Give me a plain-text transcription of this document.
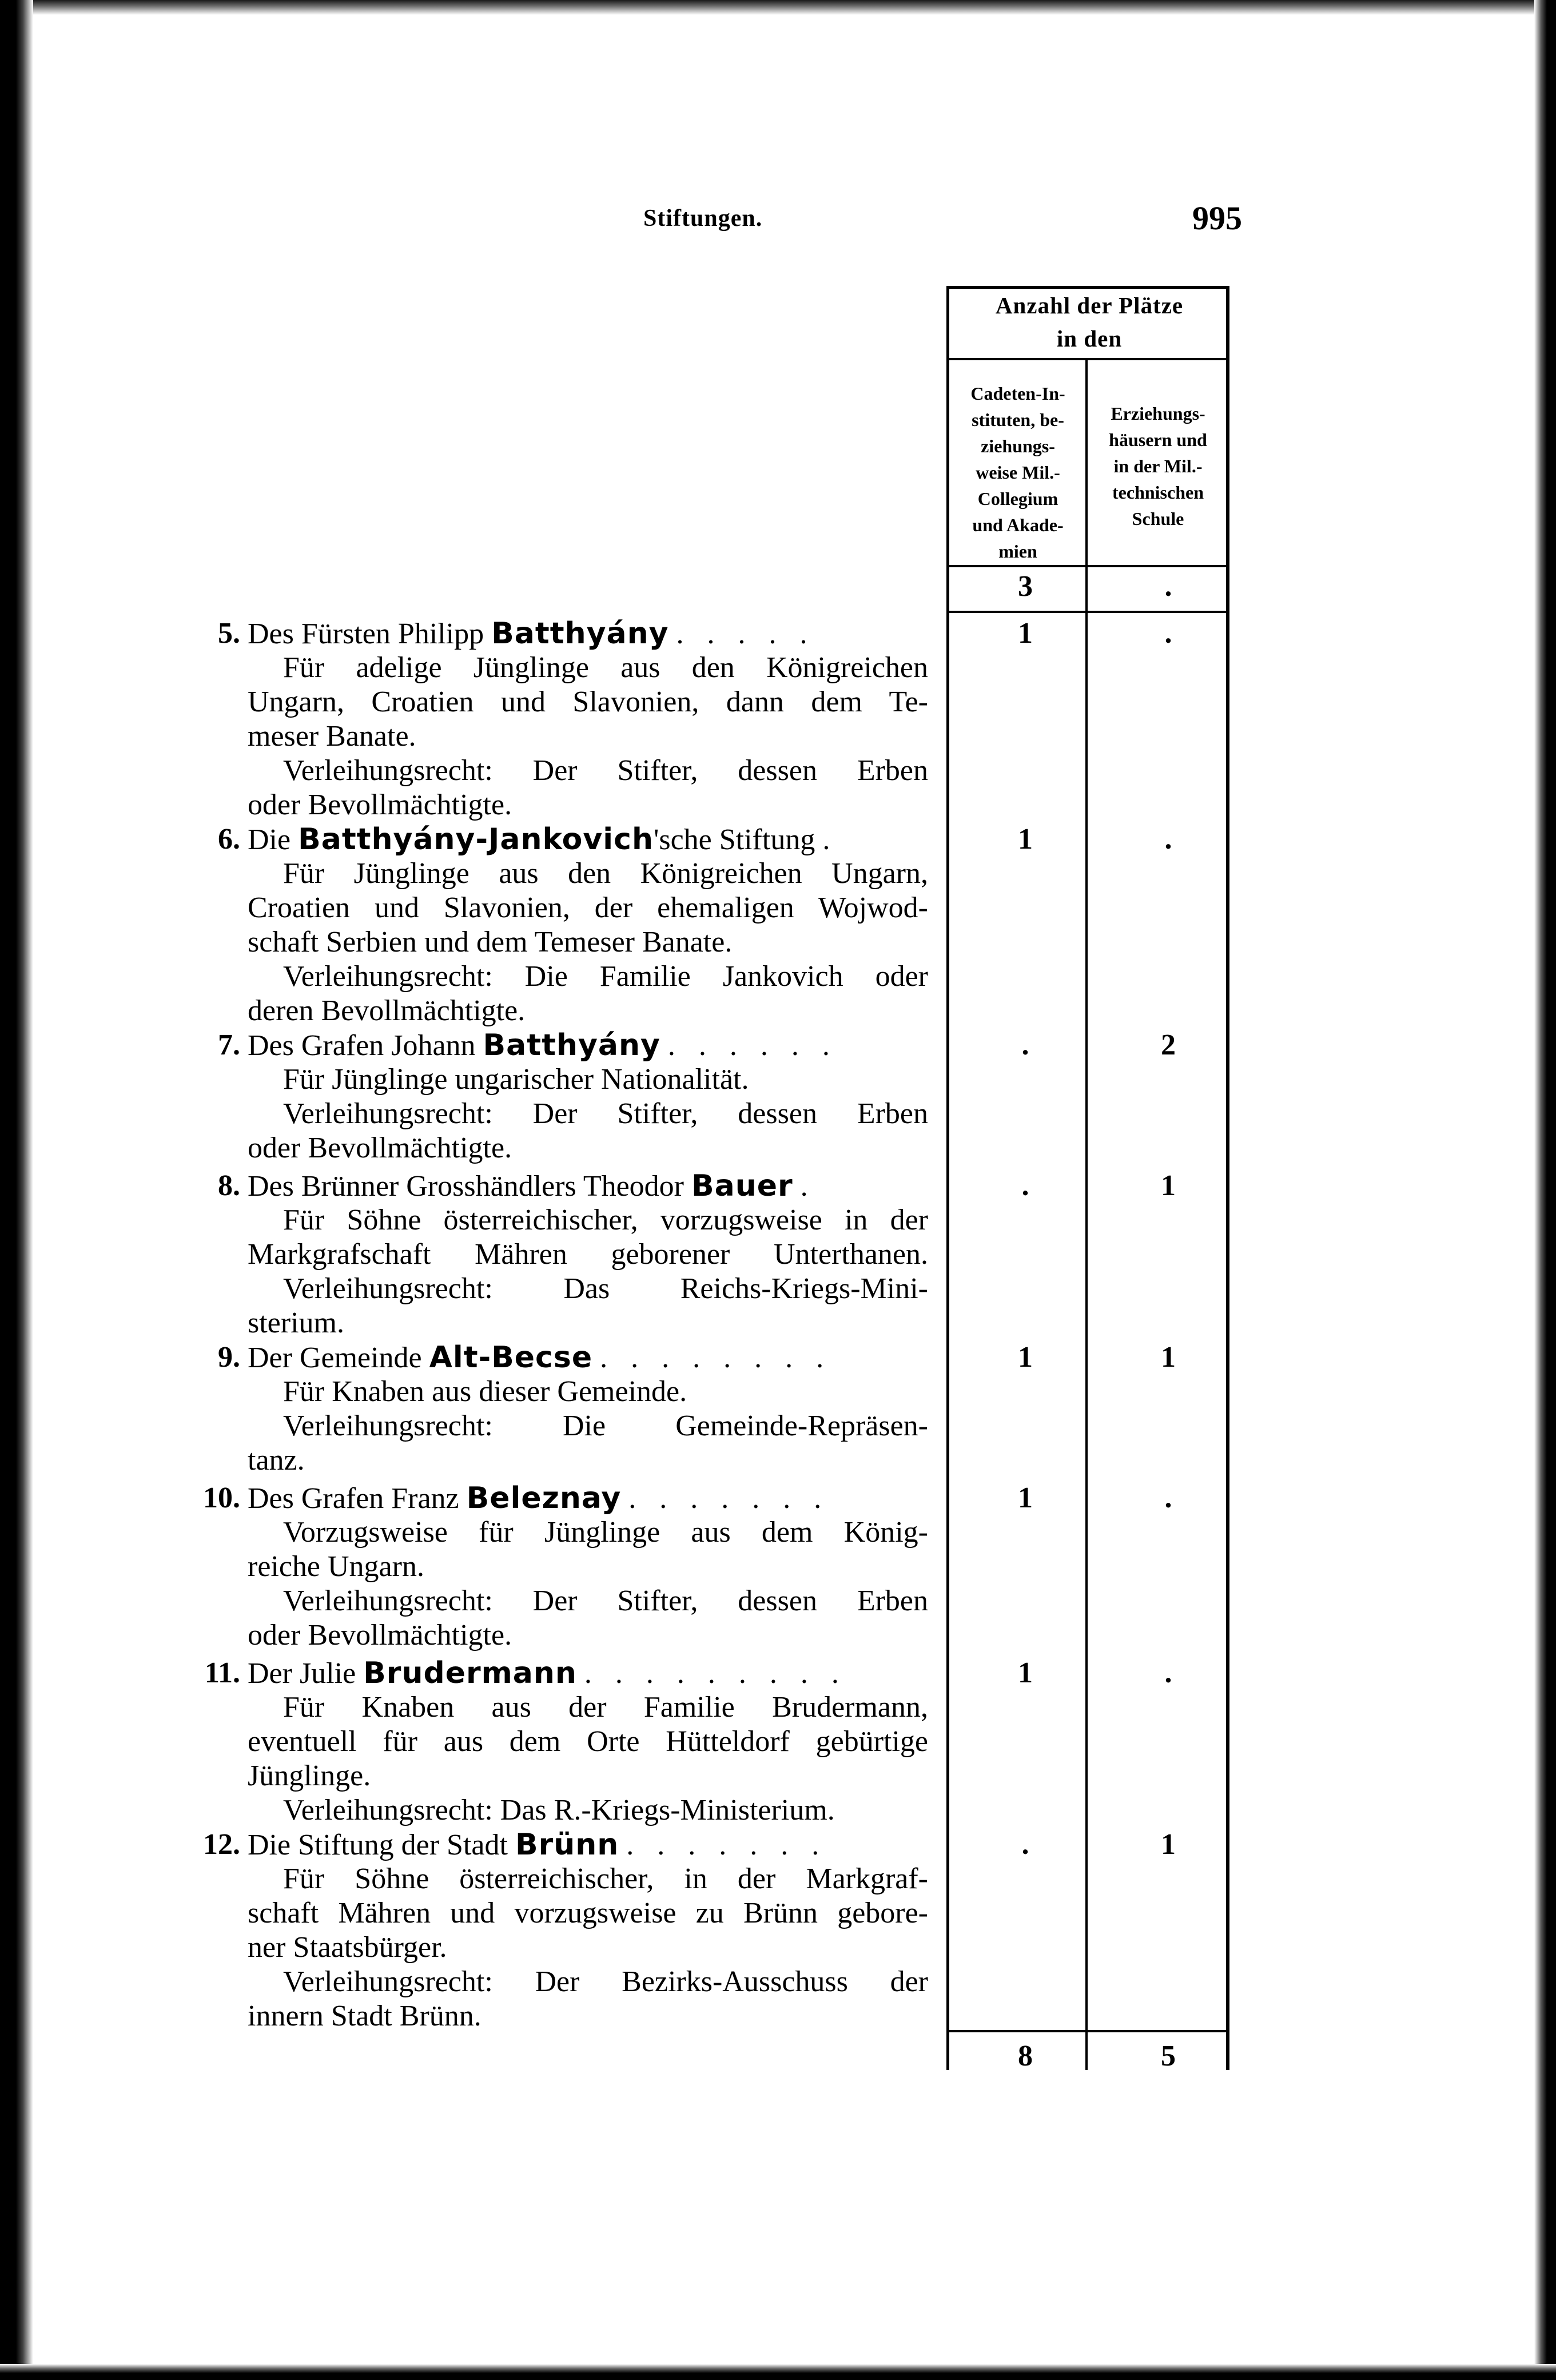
Stiftungen.	995
Anzahl der Plätze
in den
Cadeten-In-
stituten, be-
ziehungs-
weise Mil.-
Collegium
und Akade-
mien
Erziehungs-
häusern und
in der Mil.-
technischen
Schule
3	.
5. Des Fürsten Philipp Batthyány . . . . .
Für adelige Jünglinge aus den Königreichen
Ungarn, Croatien und Slavonien, dann dem Te-
meser Banate.
Verleihungsrecht: Der Stifter, dessen Erben
oder Bevollmächtigte.
1	.
6. Die Batthyány-Jankovich'sche Stiftung .
Für Jünglinge aus den Königreichen Ungarn,
Croatien und Slavonien, der ehemaligen Wojwod-
schaft Serbien und dem Temeser Banate.
Verleihungsrecht: Die Familie Jankovich oder
deren Bevollmächtigte.
1	.
7. Des Grafen Johann Batthyány . . . . . .
Für Jünglinge ungarischer Nationalität.
Verleihungsrecht: Der Stifter, dessen Erben
oder Bevollmächtigte.
.	2
8. Des Brünner Grosshändlers Theodor Bauer .
Für Söhne österreichischer, vorzugsweise in der
Markgrafschaft Mähren geborener Unterthanen.
Verleihungsrecht: Das Reichs-Kriegs-Mini-
sterium.
.	1
9. Der Gemeinde Alt-Becse . . . . . . . .
Für Knaben aus dieser Gemeinde.
Verleihungsrecht: Die Gemeinde-Repräsen-
tanz.
1	1
10. Des Grafen Franz Beleznay . . . . . . .
Vorzugsweise für Jünglinge aus dem König-
reiche Ungarn.
Verleihungsrecht: Der Stifter, dessen Erben
oder Bevollmächtigte.
1	.
11. Der Julie Brudermann . . . . . . . . .
Für Knaben aus der Familie Brudermann,
eventuell für aus dem Orte Hütteldorf gebürtige
Jünglinge.
Verleihungsrecht: Das R.-Kriegs-Ministerium.
1	.
12. Die Stiftung der Stadt Brünn . . . . . . .
Für Söhne österreichischer, in der Markgraf-
schaft Mähren und vorzugsweise zu Brünn gebore-
ner Staatsbürger.
Verleihungsrecht: Der Bezirks-Ausschuss der
innern Stadt Brünn.
.	1
8	5
